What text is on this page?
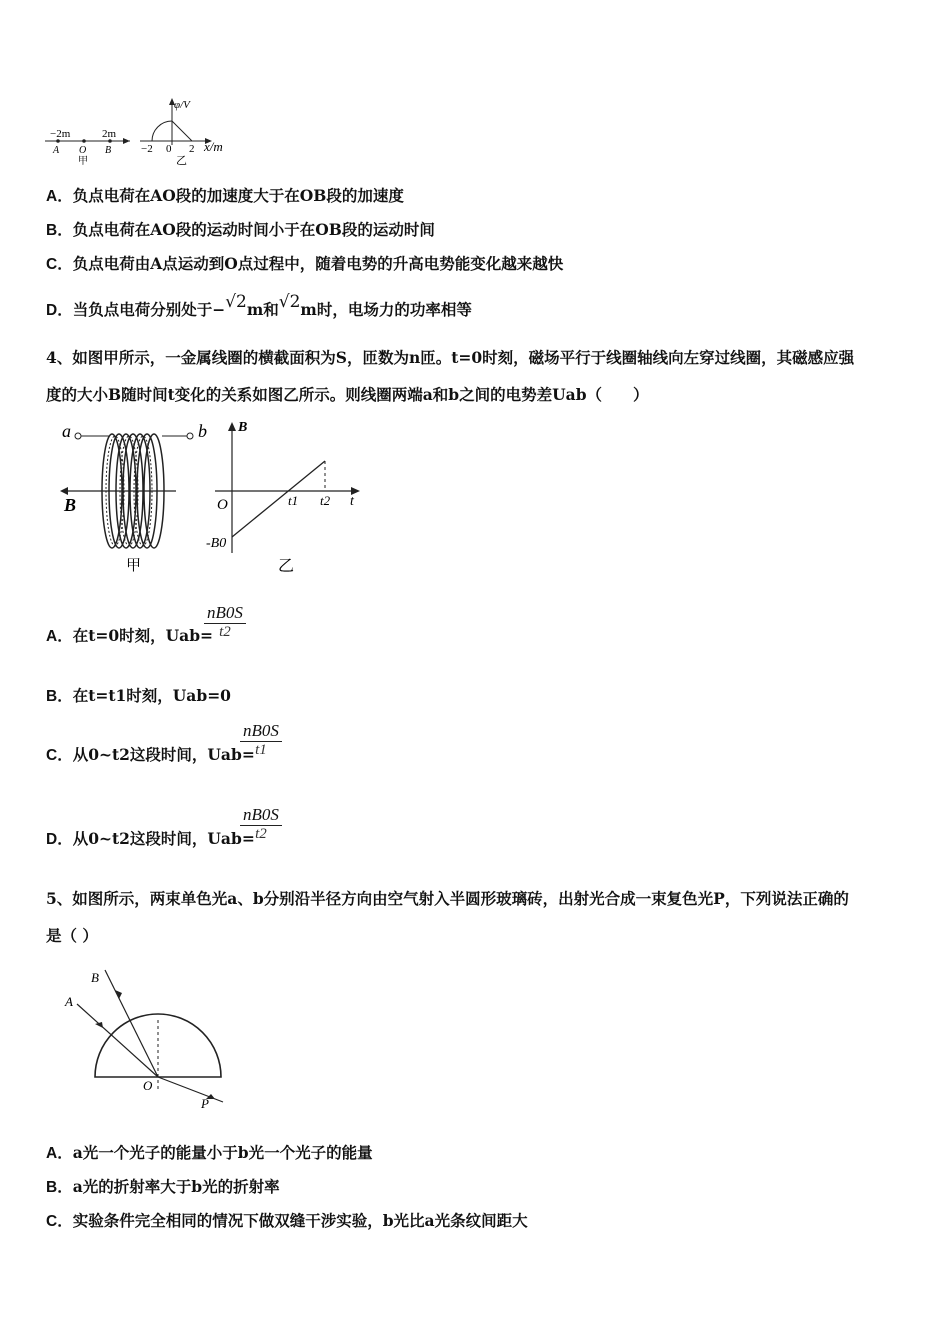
−2m	2m
A O B
甲
φ/V
−2 0 2 x/m
乙
A．负点电荷在AO段的加速度大于在OB段的加速度
B．负点电荷在AO段的运动时间小于在OB段的运动时间
C．负点电荷由A点运动到O点过程中，随着电势的升高电势能变化越来越快
D．当负点电荷分别处于−√2m和√2m时，电场力的功率相等
4、如图甲所示，一金属线圈的横截面积为S，匝数为n匝。t=0时刻，磁场平行于线圈轴线向左穿过线圈，其磁感应强
度的大小B随时间t变化的关系如图乙所示。则线圈两端a和b之间的电势差Uab（　　）
a	b
B
甲
B
O	t1 t2 t
-B0
乙
A．在t=0时刻，Uab=
$\frac{nB0S}{t2}$
B．在t=t1时刻，Uab=0
C．从0~t2这段时间，Uab=
$\frac{nB0S}{t1}$
D．从0~t2这段时间，Uab=
$\frac{nB0S}{t2}$
5、如图所示，两束单色光a、b分别沿半径方向由空气射入半圆形玻璃砖，出射光合成一束复色光P，下列说法正确的
是（ ）
B
A
O
P
A．a光一个光子的能量小于b光一个光子的能量
B．a光的折射率大于b光的折射率
C．实验条件完全相同的情况下做双缝干涉实验，b光比a光条纹间距大
